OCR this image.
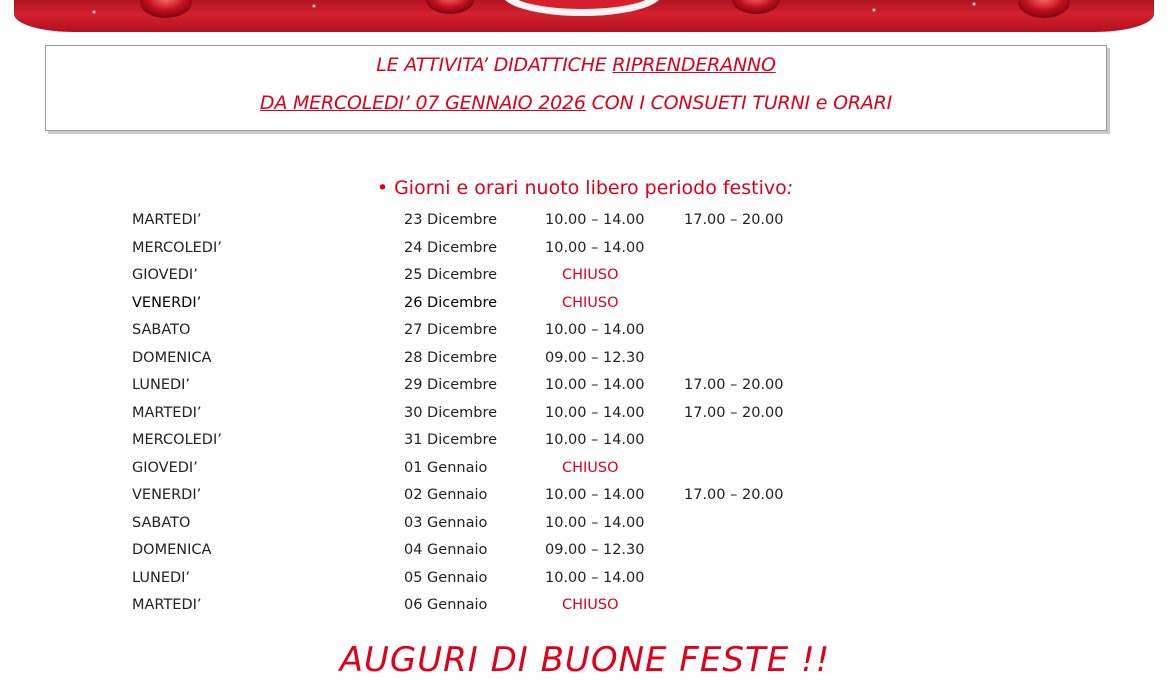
LE ATTIVITA’ DIDATTICHE RIPRENDERANNO
DA MERCOLEDI’ 07 GENNAIO 2026 CON I CONSUETI TURNI e ORARI
• Giorni e orari nuoto libero periodo festivo:
MARTEDI’	23 Dicembre	10.00 – 14.00	17.00 – 20.00
MERCOLEDI’	24 Dicembre	10.00 – 14.00
GIOVEDI’	25 Dicembre	CHIUSO
VENERDI’	26 Dicembre	CHIUSO
SABATO	27 Dicembre	10.00 – 14.00
DOMENICA	28 Dicembre	09.00 – 12.30
LUNEDI’	29 Dicembre	10.00 – 14.00	17.00 – 20.00
MARTEDI’	30 Dicembre	10.00 – 14.00	17.00 – 20.00
MERCOLEDI’	31 Dicembre	10.00 – 14.00
GIOVEDI’	01 Gennaio	CHIUSO
VENERDI’	02 Gennaio	10.00 – 14.00	17.00 – 20.00
SABATO	03 Gennaio	10.00 – 14.00
DOMENICA	04 Gennaio	09.00 – 12.30
LUNEDI’	05 Gennaio	10.00 – 14.00
MARTEDI’	06 Gennaio	CHIUSO
AUGURI DI BUONE FESTE !!
